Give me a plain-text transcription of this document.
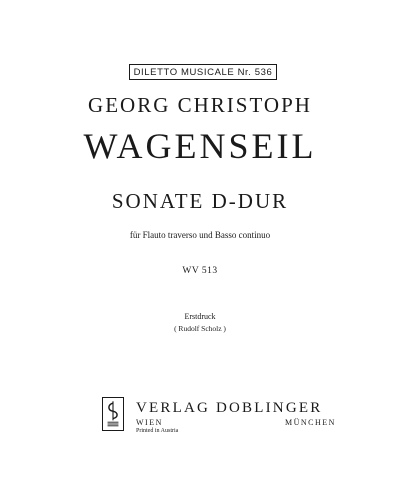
DILETTO MUSICALE Nr. 536
GEORG CHRISTOPH
WAGENSEIL
SONATE D-DUR
für Flauto traverso und Basso continuo
WV 513
Erstdruck
( Rudolf Scholz )
VERLAG DOBLINGER
WIEN	MÜNCHEN
Printed in Austria
